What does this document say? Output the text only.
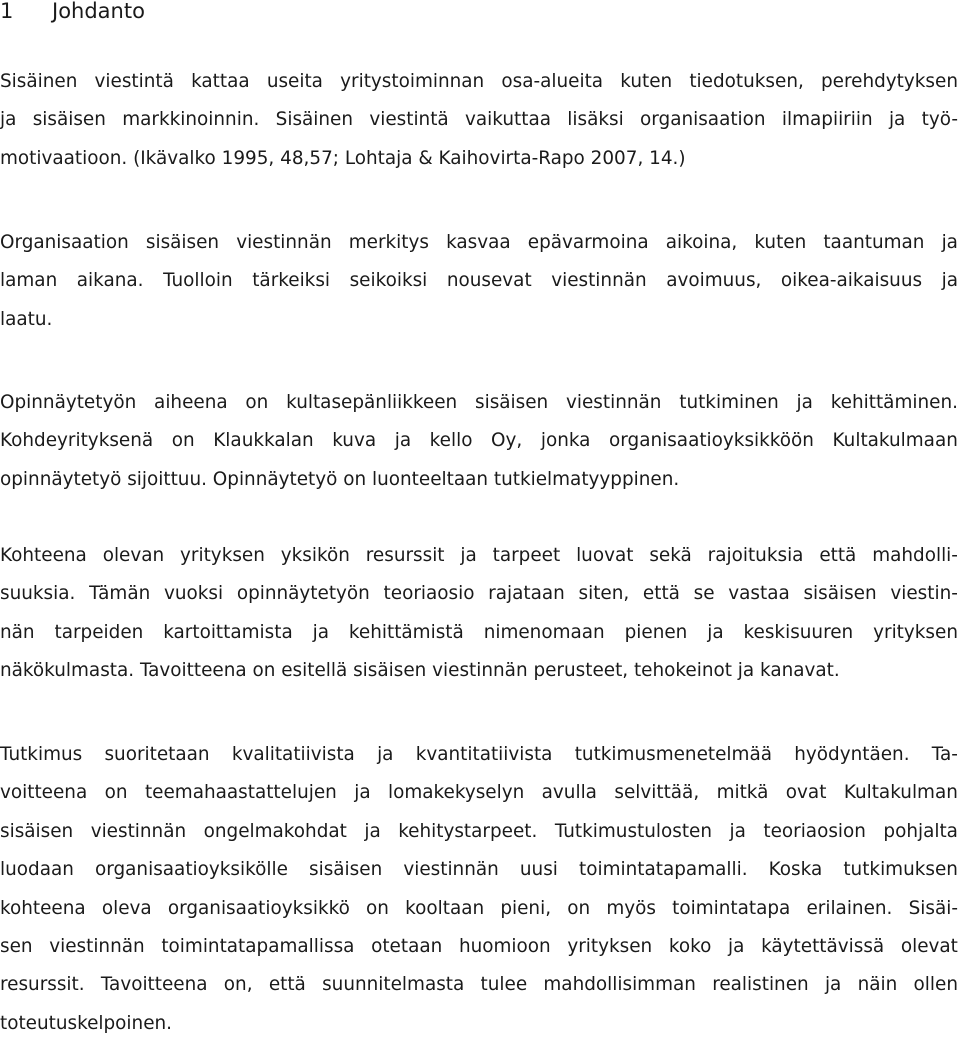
1 Johdanto
Sisäinen viestintä kattaa useita yritystoiminnan osa-alueita kuten tiedotuksen, perehdytyksen
ja sisäisen markkinoinnin. Sisäinen viestintä vaikuttaa lisäksi organisaation ilmapiiriin ja työ-
motivaatioon. (Ikävalko 1995, 48,57; Lohtaja & Kaihovirta-Rapo 2007, 14.)
Organisaation sisäisen viestinnän merkitys kasvaa epävarmoina aikoina, kuten taantuman ja
laman aikana. Tuolloin tärkeiksi seikoiksi nousevat viestinnän avoimuus, oikea-aikaisuus ja
laatu.
Opinnäytetyön aiheena on kultasepänliikkeen sisäisen viestinnän tutkiminen ja kehittäminen.
Kohdeyrityksenä on Klaukkalan kuva ja kello Oy, jonka organisaatioyksikköön Kultakulmaan
opinnäytetyö sijoittuu. Opinnäytetyö on luonteeltaan tutkielmatyyppinen.
Kohteena olevan yrityksen yksikön resurssit ja tarpeet luovat sekä rajoituksia että mahdolli-
suuksia. Tämän vuoksi opinnäytetyön teoriaosio rajataan siten, että se vastaa sisäisen viestin-
nän tarpeiden kartoittamista ja kehittämistä nimenomaan pienen ja keskisuuren yrityksen
näkökulmasta. Tavoitteena on esitellä sisäisen viestinnän perusteet, tehokeinot ja kanavat.
Tutkimus suoritetaan kvalitatiivista ja kvantitatiivista tutkimusmenetelmää hyödyntäen. Ta-
voitteena on teemahaastattelujen ja lomakekyselyn avulla selvittää, mitkä ovat Kultakulman
sisäisen viestinnän ongelmakohdat ja kehitystarpeet. Tutkimustulosten ja teoriaosion pohjalta
luodaan organisaatioyksikölle sisäisen viestinnän uusi toimintatapamalli. Koska tutkimuksen
kohteena oleva organisaatioyksikkö on kooltaan pieni, on myös toimintatapa erilainen. Sisäi-
sen viestinnän toimintatapamallissa otetaan huomioon yrityksen koko ja käytettävissä olevat
resurssit. Tavoitteena on, että suunnitelmasta tulee mahdollisimman realistinen ja näin ollen
toteutuskelpoinen.
